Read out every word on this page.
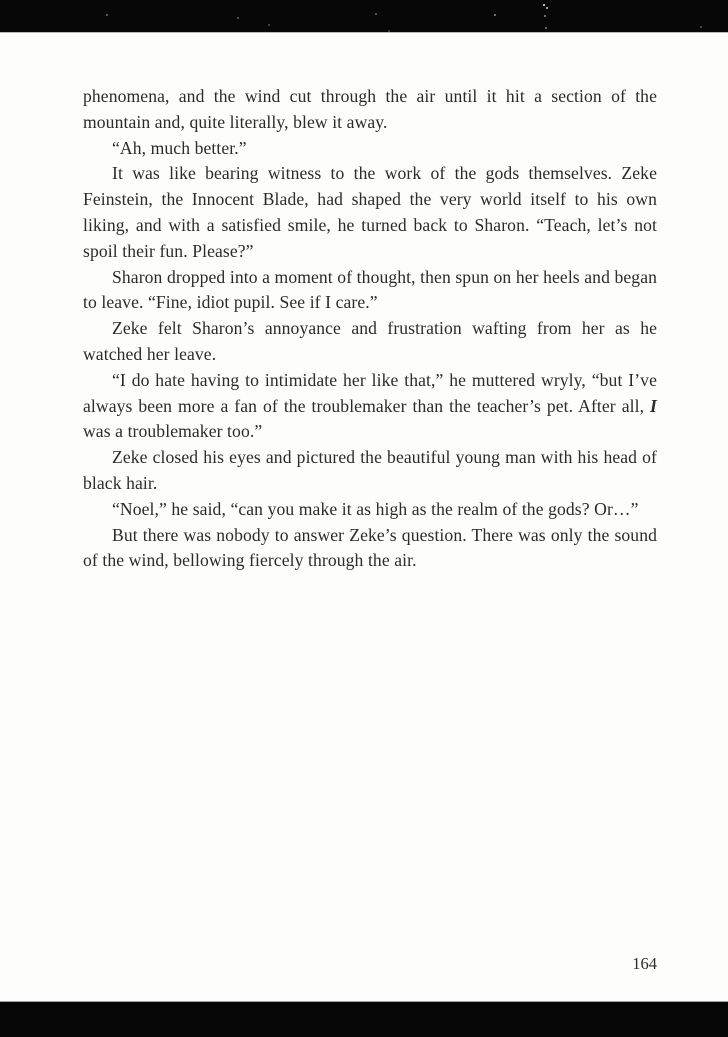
phenomena, and the wind cut through the air until it hit a section of the mountain and, quite literally, blew it away.

“Ah, much better.”

It was like bearing witness to the work of the gods themselves. Zeke Feinstein, the Innocent Blade, had shaped the very world itself to his own liking, and with a satisfied smile, he turned back to Sharon. “Teach, let’s not spoil their fun. Please?”

Sharon dropped into a moment of thought, then spun on her heels and began to leave. “Fine, idiot pupil. See if I care.”

Zeke felt Sharon’s annoyance and frustration wafting from her as he watched her leave.

“I do hate having to intimidate her like that,” he muttered wryly, “but I’ve always been more a fan of the troublemaker than the teacher’s pet. After all, I was a troublemaker too.”

Zeke closed his eyes and pictured the beautiful young man with his head of black hair.

“Noel,” he said, “can you make it as high as the realm of the gods? Or…”

But there was nobody to answer Zeke’s question. There was only the sound of the wind, bellowing fiercely through the air.

164
